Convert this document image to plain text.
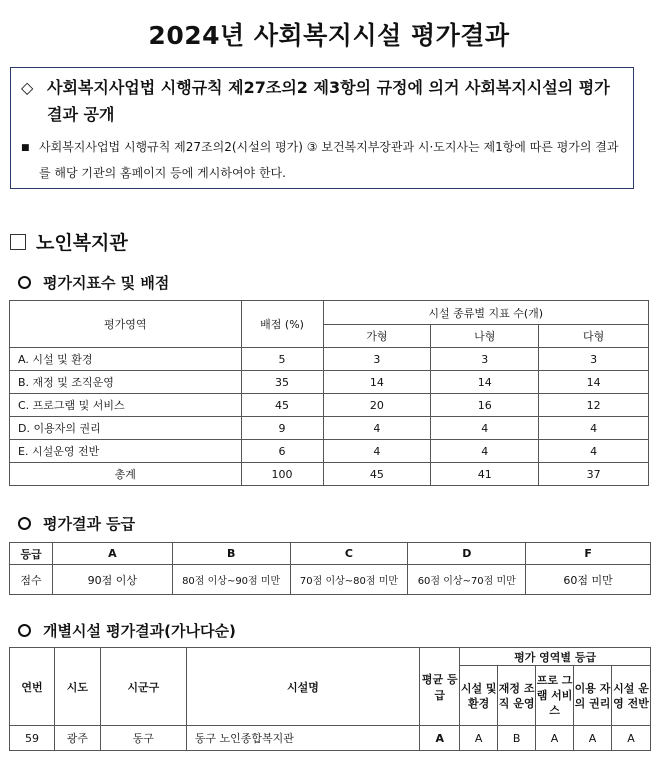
2024년 사회복지시설 평가결과
◇ 사회복지사업법 시행규칙 제27조의2 제3항의 규정에 의거 사회복지시설의 평가결과 공개
■ 사회복지사업법 시행규칙 제27조의2(시설의 평가) ③ 보건복지부장관과 시·도지사는 제1항에 따른 평가의 결과를 해당 기관의 홈페이지 등에 게시하여야 한다.
노인복지관
평가지표수 및 배점
평가영역	배점 (%)	시설 종류별 지표 수(개)		
		가형	나형	다형
A. 시설 및 환경	5	3	3	3
B. 재정 및 조직운영	35	14	14	14
C. 프로그램 및 서비스	45	20	16	12
D. 이용자의 권리	9	4	4	4
E. 시설운영 전반	6	4	4	4
총계	100	45	41	37
평가결과 등급
등급	A	B	C	D	F
점수	90점 이상	80점 이상~90점 미만	70점 이상~80점 미만	60점 이상~70점 미만	60점 미만
개별시설 평가결과(가나다순)
연번	시도	시군구	시설명	평균 등급	평가 영역별 등급				
					시설 및 환경	재정 조직 운영	프로 그램 서비 스	이용 자의 권리	시설 운영 전반
59	광주	동구	동구 노인종합복지관	A	A	B	A	A	A
